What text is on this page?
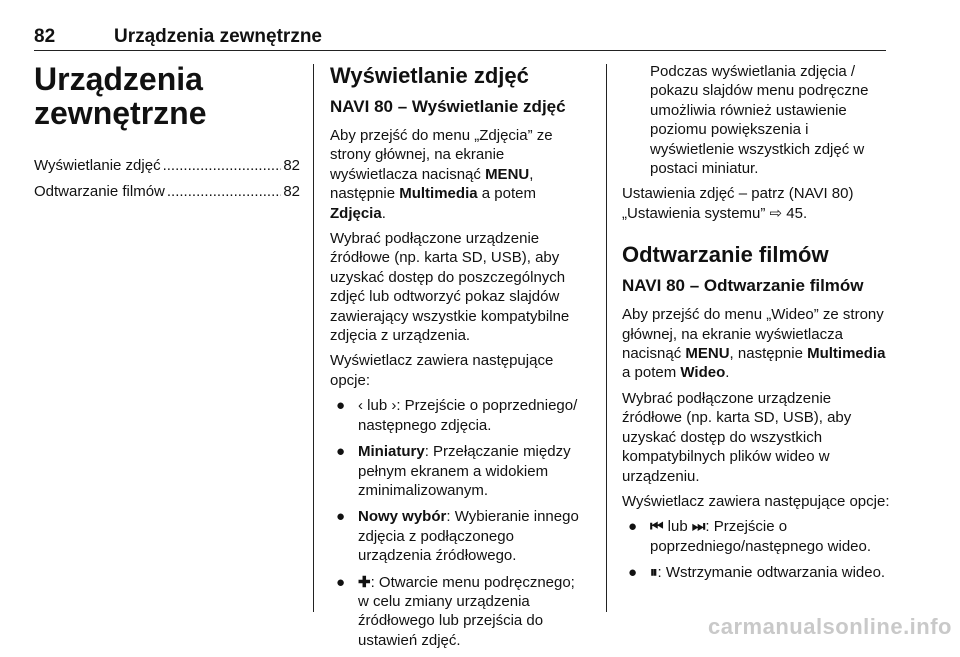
82	Urządzenia zewnętrzne
Urządzenia
zewnętrzne
Wyświetlanie zdjęć .....	82
Odtwarzanie filmów .....	82
Wyświetlanie zdjęć
NAVI 80 – Wyświetlanie zdjęć

Aby przejść do menu „Zdjęcia” ze strony głównej, na ekranie wyświetlacza nacisnąć MENU, następnie Multimedia a potem Zdjęcia.

Wybrać podłączone urządzenie źródłowe (np. karta SD, USB), aby uzyskać dostęp do poszczególnych zdjęć lub odtworzyć pokaz slajdów zawierający wszystkie kompatybilne zdjęcia z urządzenia.

Wyświetlacz zawiera następujące opcje:

● ‹ lub ›: Przejście o poprzedniego/ następnego zdjęcia.
● Miniatury: Przełączanie między pełnym ekranem a widokiem zminimalizowanym.
● Nowy wybór: Wybieranie innego zdjęcia z podłączonego urządzenia źródłowego.
● ✚: Otwarcie menu podręcznego; w celu zmiany urządzenia źródłowego lub przejścia do ustawień zdjęć.

Podczas wyświetlania zdjęcia / pokazu slajdów menu podręczne umożliwia również ustawienie poziomu powiększenia i wyświetlenie wszystkich zdjęć w postaci miniatur.

Ustawienia zdjęć – patrz (NAVI 80) „Ustawienia systemu” ⇨ 45.

Odtwarzanie filmów
NAVI 80 – Odtwarzanie filmów

Aby przejść do menu „Wideo” ze strony głównej, na ekranie wyświetlacza nacisnąć MENU, następnie Multimedia a potem Wideo.

Wybrać podłączone urządzenie źródłowe (np. karta SD, USB), aby uzyskać dostęp do wszystkich kompatybilnych plików wideo w urządzeniu.

Wyświetlacz zawiera następujące opcje:

● ⏮ lub ⏭: Przejście o poprzedniego/następnego wideo.
● ⏸: Wstrzymanie odtwarzania wideo.
carmanualsonline.info
